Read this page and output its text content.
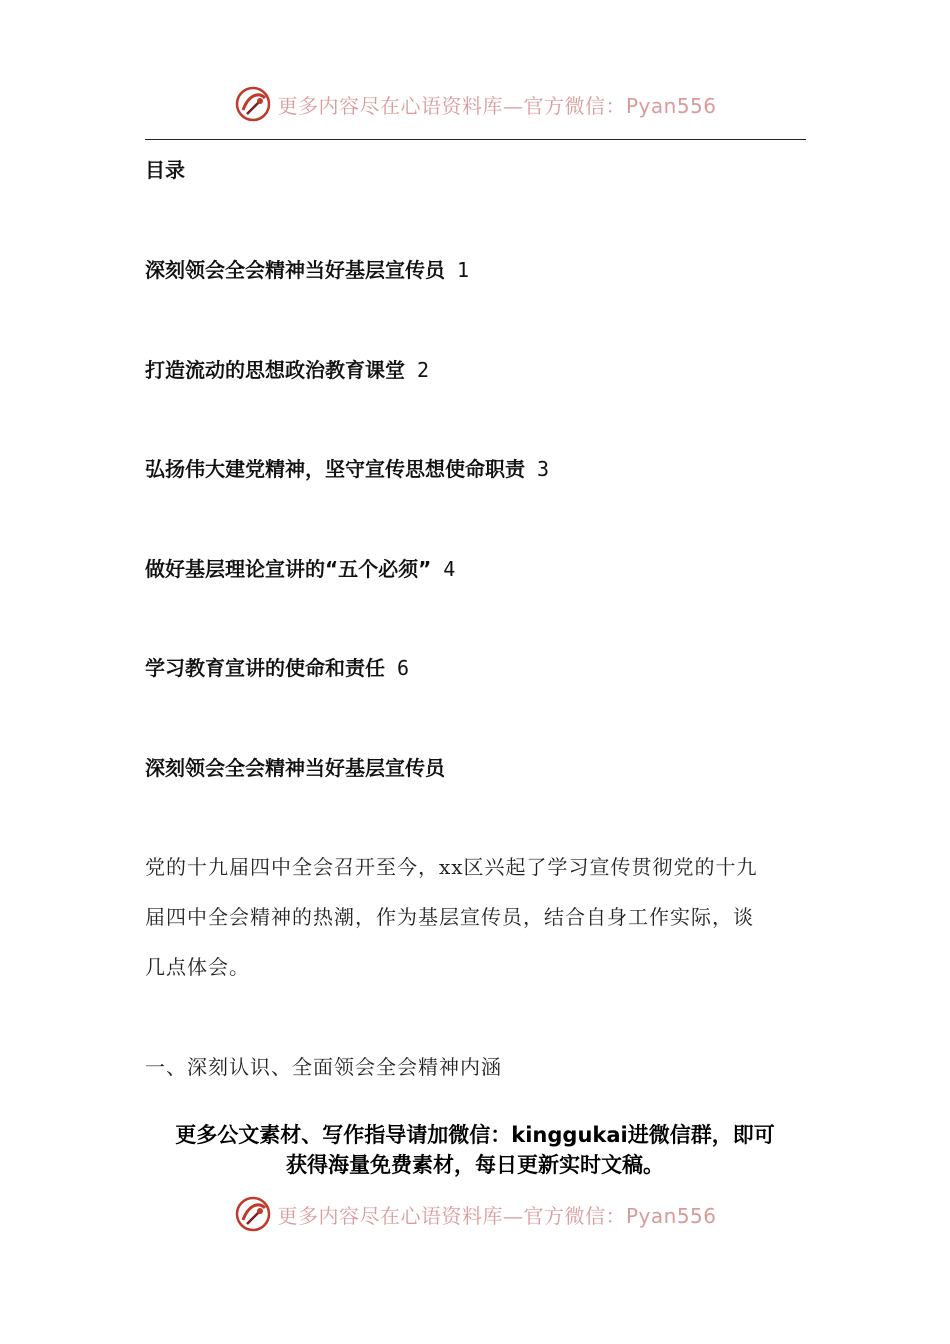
更多内容尽在心语资料库—官方微信：Pyan556
目录
深刻领会全会精神当好基层宣传员 1
打造流动的思想政治教育课堂 2
弘扬伟大建党精神，坚守宣传思想使命职责 3
做好基层理论宣讲的“五个必须” 4
学习教育宣讲的使命和责任 6
深刻领会全会精神当好基层宣传员
党的十九届四中全会召开至今，xx区兴起了学习宣传贯彻党的十九
届四中全会精神的热潮，作为基层宣传员，结合自身工作实际，谈
几点体会。
一、深刻认识、全面领会全会精神内涵
更多公文素材、写作指导请加微信：kinggukai进微信群，即可
获得海量免费素材，每日更新实时文稿。
更多内容尽在心语资料库—官方微信：Pyan556
